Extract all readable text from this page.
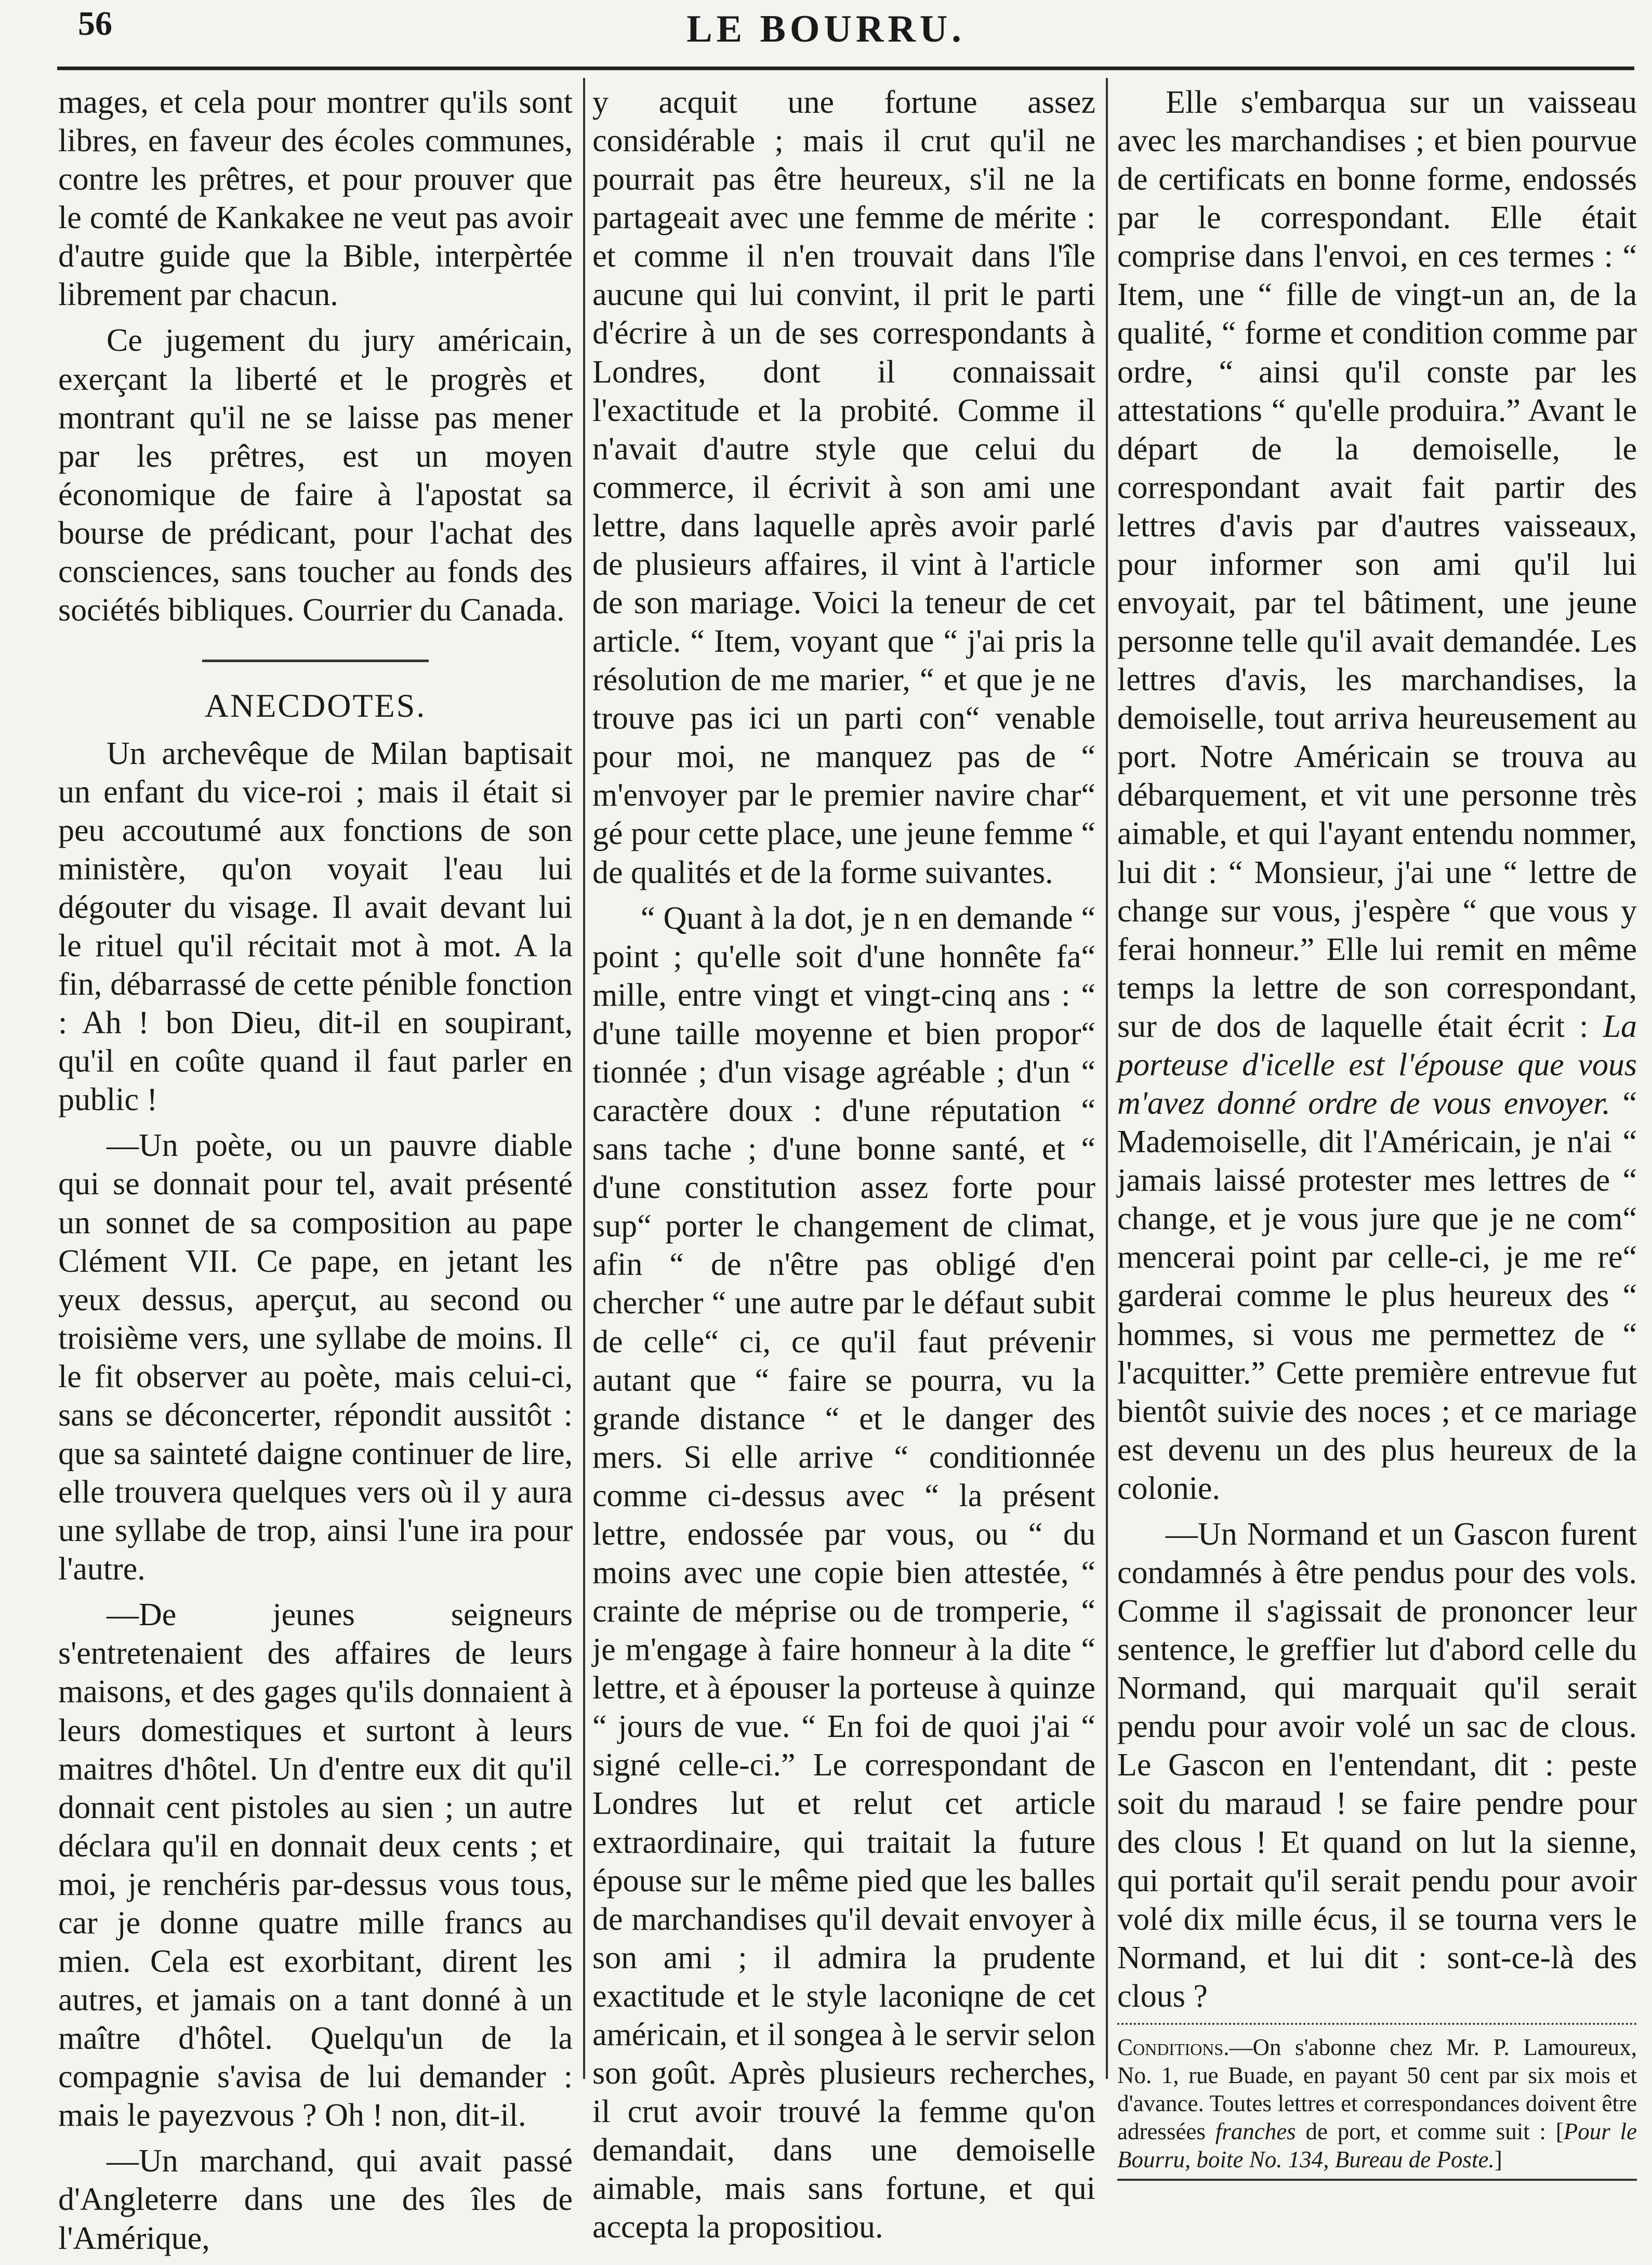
56	LE BOURRU.

mages, et cela pour montrer qu'ils sont libres, en faveur des écoles communes, contre les prêtres, et pour prouver que le comté de Kankakee ne veut pas avoir d'autre guide que la Bible, interpèrtée librement par chacun.

Ce jugement du jury américain, exerçant la liberté et le progrès et montrant qu'il ne se laisse pas mener par les prêtres, est un moyen économique de faire à l'apostat sa bourse de prédicant, pour l'achat des consciences, sans toucher au fonds des sociétés bibliques. Courrier du Canada.

ANECDOTES.

Un archevêque de Milan baptisait un enfant du vice-roi ; mais il était si peu accoutumé aux fonctions de son ministère, qu'on voyait l'eau lui dégouter du visage. Il avait devant lui le rituel qu'il récitait mot à mot. A la fin, débarrassé de cette pénible fonction : Ah ! bon Dieu, dit-il en soupirant, qu'il en coûte quand il faut parler en public !

—Un poète, ou un pauvre diable qui se donnait pour tel, avait présenté un sonnet de sa composition au pape Clément VII. Ce pape, en jetant les yeux dessus, aperçut, au second ou troisième vers, une syllabe de moins. Il le fit observer au poète, mais celui-ci, sans se déconcerter, répondit aussitôt : que sa sainteté daigne continuer de lire, elle trouvera quelques vers où il y aura une syllabe de trop, ainsi l'une ira pour l'autre.

—De jeunes seigneurs s'entretenaient des affaires de leurs maisons, et des gages qu'ils donnaient à leurs domestiques et surtont à leurs maitres d'hôtel. Un d'entre eux dit qu'il donnait cent pistoles au sien ; un autre déclara qu'il en donnait deux cents ; et moi, je renchéris par-dessus vous tous, car je donne quatre mille francs au mien. Cela est exorbitant, dirent les autres, et jamais on a tant donné à un maître d'hôtel. Quelqu'un de la compagnie s'avisa de lui demander : mais le payezvous ? Oh ! non, dit-il.

—Un marchand, qui avait passé d'Angleterre dans une des îles de l'Amérique,

y acquit une fortune assez considérable ; mais il crut qu'il ne pourrait pas être heureux, s'il ne la partageait avec une femme de mérite : et comme il n'en trouvait dans l'île aucune qui lui convint, il prit le parti d'écrire à un de ses correspondants à Londres, dont il connaissait l'exactitude et la probité. Comme il n'avait d'autre style que celui du commerce, il écrivit à son ami une lettre, dans laquelle après avoir parlé de plusieurs affaires, il vint à l'article de son mariage. Voici la teneur de cet article. “ Item, voyant que “ j'ai pris la résolution de me marier, “ et que je ne trouve pas ici un parti con“ venable pour moi, ne manquez pas de “ m'envoyer par le premier navire char“ gé pour cette place, une jeune femme “ de qualités et de la forme suivantes.

“ Quant à la dot, je n en demande “ point ; qu'elle soit d'une honnête fa“ mille, entre vingt et vingt-cinq ans : “ d'une taille moyenne et bien propor“ tionnée ; d'un visage agréable ; d'un “ caractère doux : d'une réputation “ sans tache ; d'une bonne santé, et “ d'une constitution assez forte pour sup“ porter le changement de climat, afin “ de n'être pas obligé d'en chercher “ une autre par le défaut subit de celle“ ci, ce qu'il faut prévenir autant que “ faire se pourra, vu la grande distance “ et le danger des mers. Si elle arrive “ conditionnée comme ci-dessus avec “ la présent lettre, endossée par vous, ou “ du moins avec une copie bien attestée, “ crainte de méprise ou de tromperie, “ je m'engage à faire honneur à la dite “ lettre, et à épouser la porteuse à quinze “ jours de vue. “ En foi de quoi j'ai “ signé celle-ci.” Le correspondant de Londres lut et relut cet article extraordinaire, qui traitait la future épouse sur le même pied que les balles de marchandises qu'il devait envoyer à son ami ; il admira la prudente exactitude et le style laconiqne de cet américain, et il songea à le servir selon son goût. Après plusieurs recherches, il crut avoir trouvé la femme qu'on demandait, dans une demoiselle aimable, mais sans fortune, et qui accepta la propositiou.

Elle s'embarqua sur un vaisseau avec les marchandises ; et bien pourvue de certificats en bonne forme, endossés par le correspondant. Elle était comprise dans l'envoi, en ces termes : “ Item, une “ fille de vingt-un an, de la qualité, “ forme et condition comme par ordre, “ ainsi qu'il conste par les attestations “ qu'elle produira.” Avant le départ de la demoiselle, le correspondant avait fait partir des lettres d'avis par d'autres vaisseaux, pour informer son ami qu'il lui envoyait, par tel bâtiment, une jeune personne telle qu'il avait demandée. Les lettres d'avis, les marchandises, la demoiselle, tout arriva heureusement au port. Notre Américain se trouva au débarquement, et vit une personne très aimable, et qui l'ayant entendu nommer, lui dit : “ Monsieur, j'ai une “ lettre de change sur vous, j'espère “ que vous y ferai honneur.” Elle lui remit en même temps la lettre de son correspondant, sur de dos de laquelle était écrit : La porteuse d'icelle est l'épouse que vous m'avez donné ordre de vous envoyer. “ Mademoiselle, dit l'Américain, je n'ai “ jamais laissé protester mes lettres de “ change, et je vous jure que je ne com“ mencerai point par celle-ci, je me re“ garderai comme le plus heureux des “ hommes, si vous me permettez de “ l'acquitter.” Cette première entrevue fut bientôt suivie des noces ; et ce mariage est devenu un des plus heureux de la colonie.

—Un Normand et un Gascon furent condamnés à être pendus pour des vols. Comme il s'agissait de prononcer leur sentence, le greffier lut d'abord celle du Normand, qui marquait qu'il serait pendu pour avoir volé un sac de clous. Le Gascon en l'entendant, dit : peste soit du maraud ! se faire pendre pour des clous ! Et quand on lut la sienne, qui portait qu'il serait pendu pour avoir volé dix mille écus, il se tourna vers le Normand, et lui dit : sont-ce-là des clous ?

Conditions.—On s'abonne chez Mr. P. Lamoureux, No. 1, rue Buade, en payant 50 cent par six mois et d'avance. Toutes lettres et correspondances doivent être adressées franches de port, et comme suit : [Pour le Bourru, boite No. 134, Bureau de Poste.]
